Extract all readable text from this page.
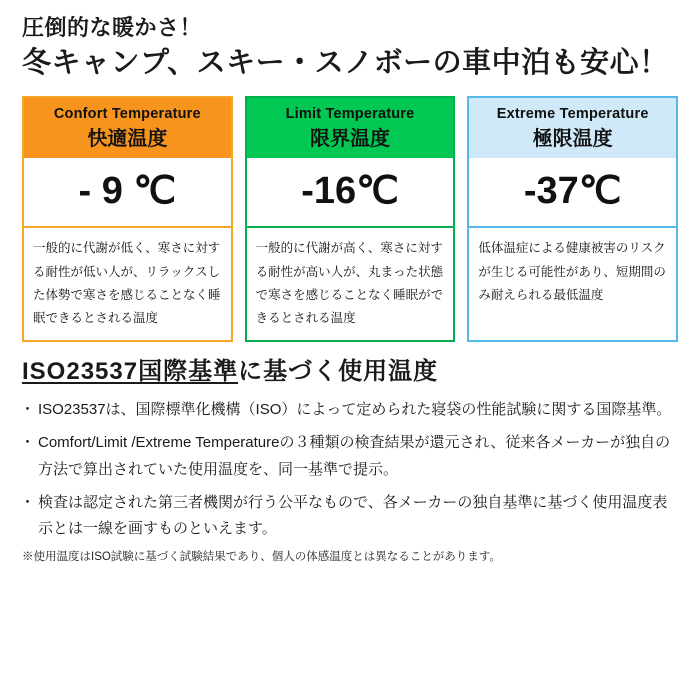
圧倒的な暖かさ！
冬キャンプ、スキー・スノボーの車中泊も安心！
Confort Temperature
快適温度
- 9 ℃
一般的に代謝が低く、寒さに対する耐性が低い人が、リラックスした体勢で寒さを感じることなく睡眠できるとされる温度
Limit Temperature
限界温度
-16℃
一般的に代謝が高く、寒さに対する耐性が高い人が、丸まった状態で寒さを感じることなく睡眠ができるとされる温度
Extreme Temperature
極限温度
-37℃
低体温症による健康被害のリスクが生じる可能性があり、短期間のみ耐えられる最低温度
ISO23537国際基準に基づく使用温度
・ ISO23537は、国際標準化機構（ISO）によって定められた寝袋の性能試験に関する国際基準。
・ Comfort/Limit /Extreme Temperatureの３種類の検査結果が還元され、従来各メーカーが独自の方法で算出されていた使用温度を、同一基準で提示。
・ 検査は認定された第三者機関が行う公平なもので、各メーカーの独自基準に基づく使用温度表示とは一線を画すものといえます。
※使用温度はISO試験に基づく試験結果であり、個人の体感温度とは異なることがあります。
